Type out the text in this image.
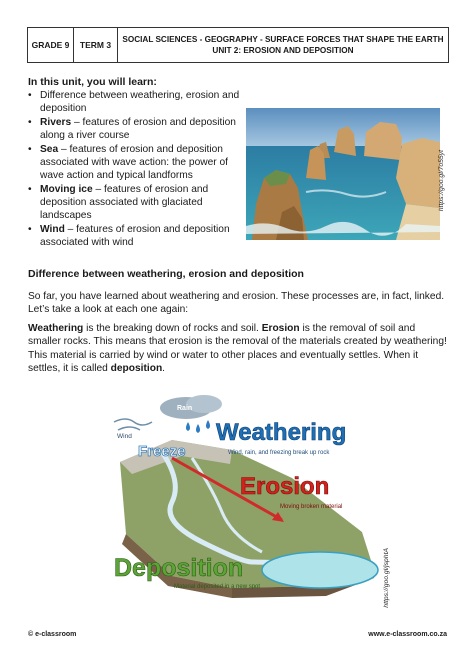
GRADE 9	TERM 3
SOCIAL SCIENCES - GEOGRAPHY - SURFACE FORCES THAT SHAPE THE EARTH
UNIT 2: EROSION AND DEPOSITION
In this unit, you will learn:
• Difference between weathering, erosion and deposition
• Rivers – features of erosion and deposition along a river course
• Sea – features of erosion and deposition associated with wave action: the power of wave action and typical landforms
• Moving ice – features of erosion and deposition associated with glaciated landscapes
• Wind – features of erosion and deposition associated with wind
https://goo.gl/7o55yt
Difference between weathering, erosion and deposition
So far, you have learned about weathering and erosion. These processes are, in fact, linked. Let’s take a look at each one again:
Weathering is the breaking down of rocks and soil. Erosion is the removal of soil and smaller rocks. This means that erosion is the removal of the materials created by weathering! This material is carried by wind or water to other places and eventually settles. When it settles, it is called deposition.
Rain
Wind
Freeze
Weathering
Wind, rain, and freezing break up rock
Erosion
Moving broken material
Deposition
Material deposited in a new spot	https://goo.gl/jsphtA
© e-classroom	www.e-classroom.co.za
